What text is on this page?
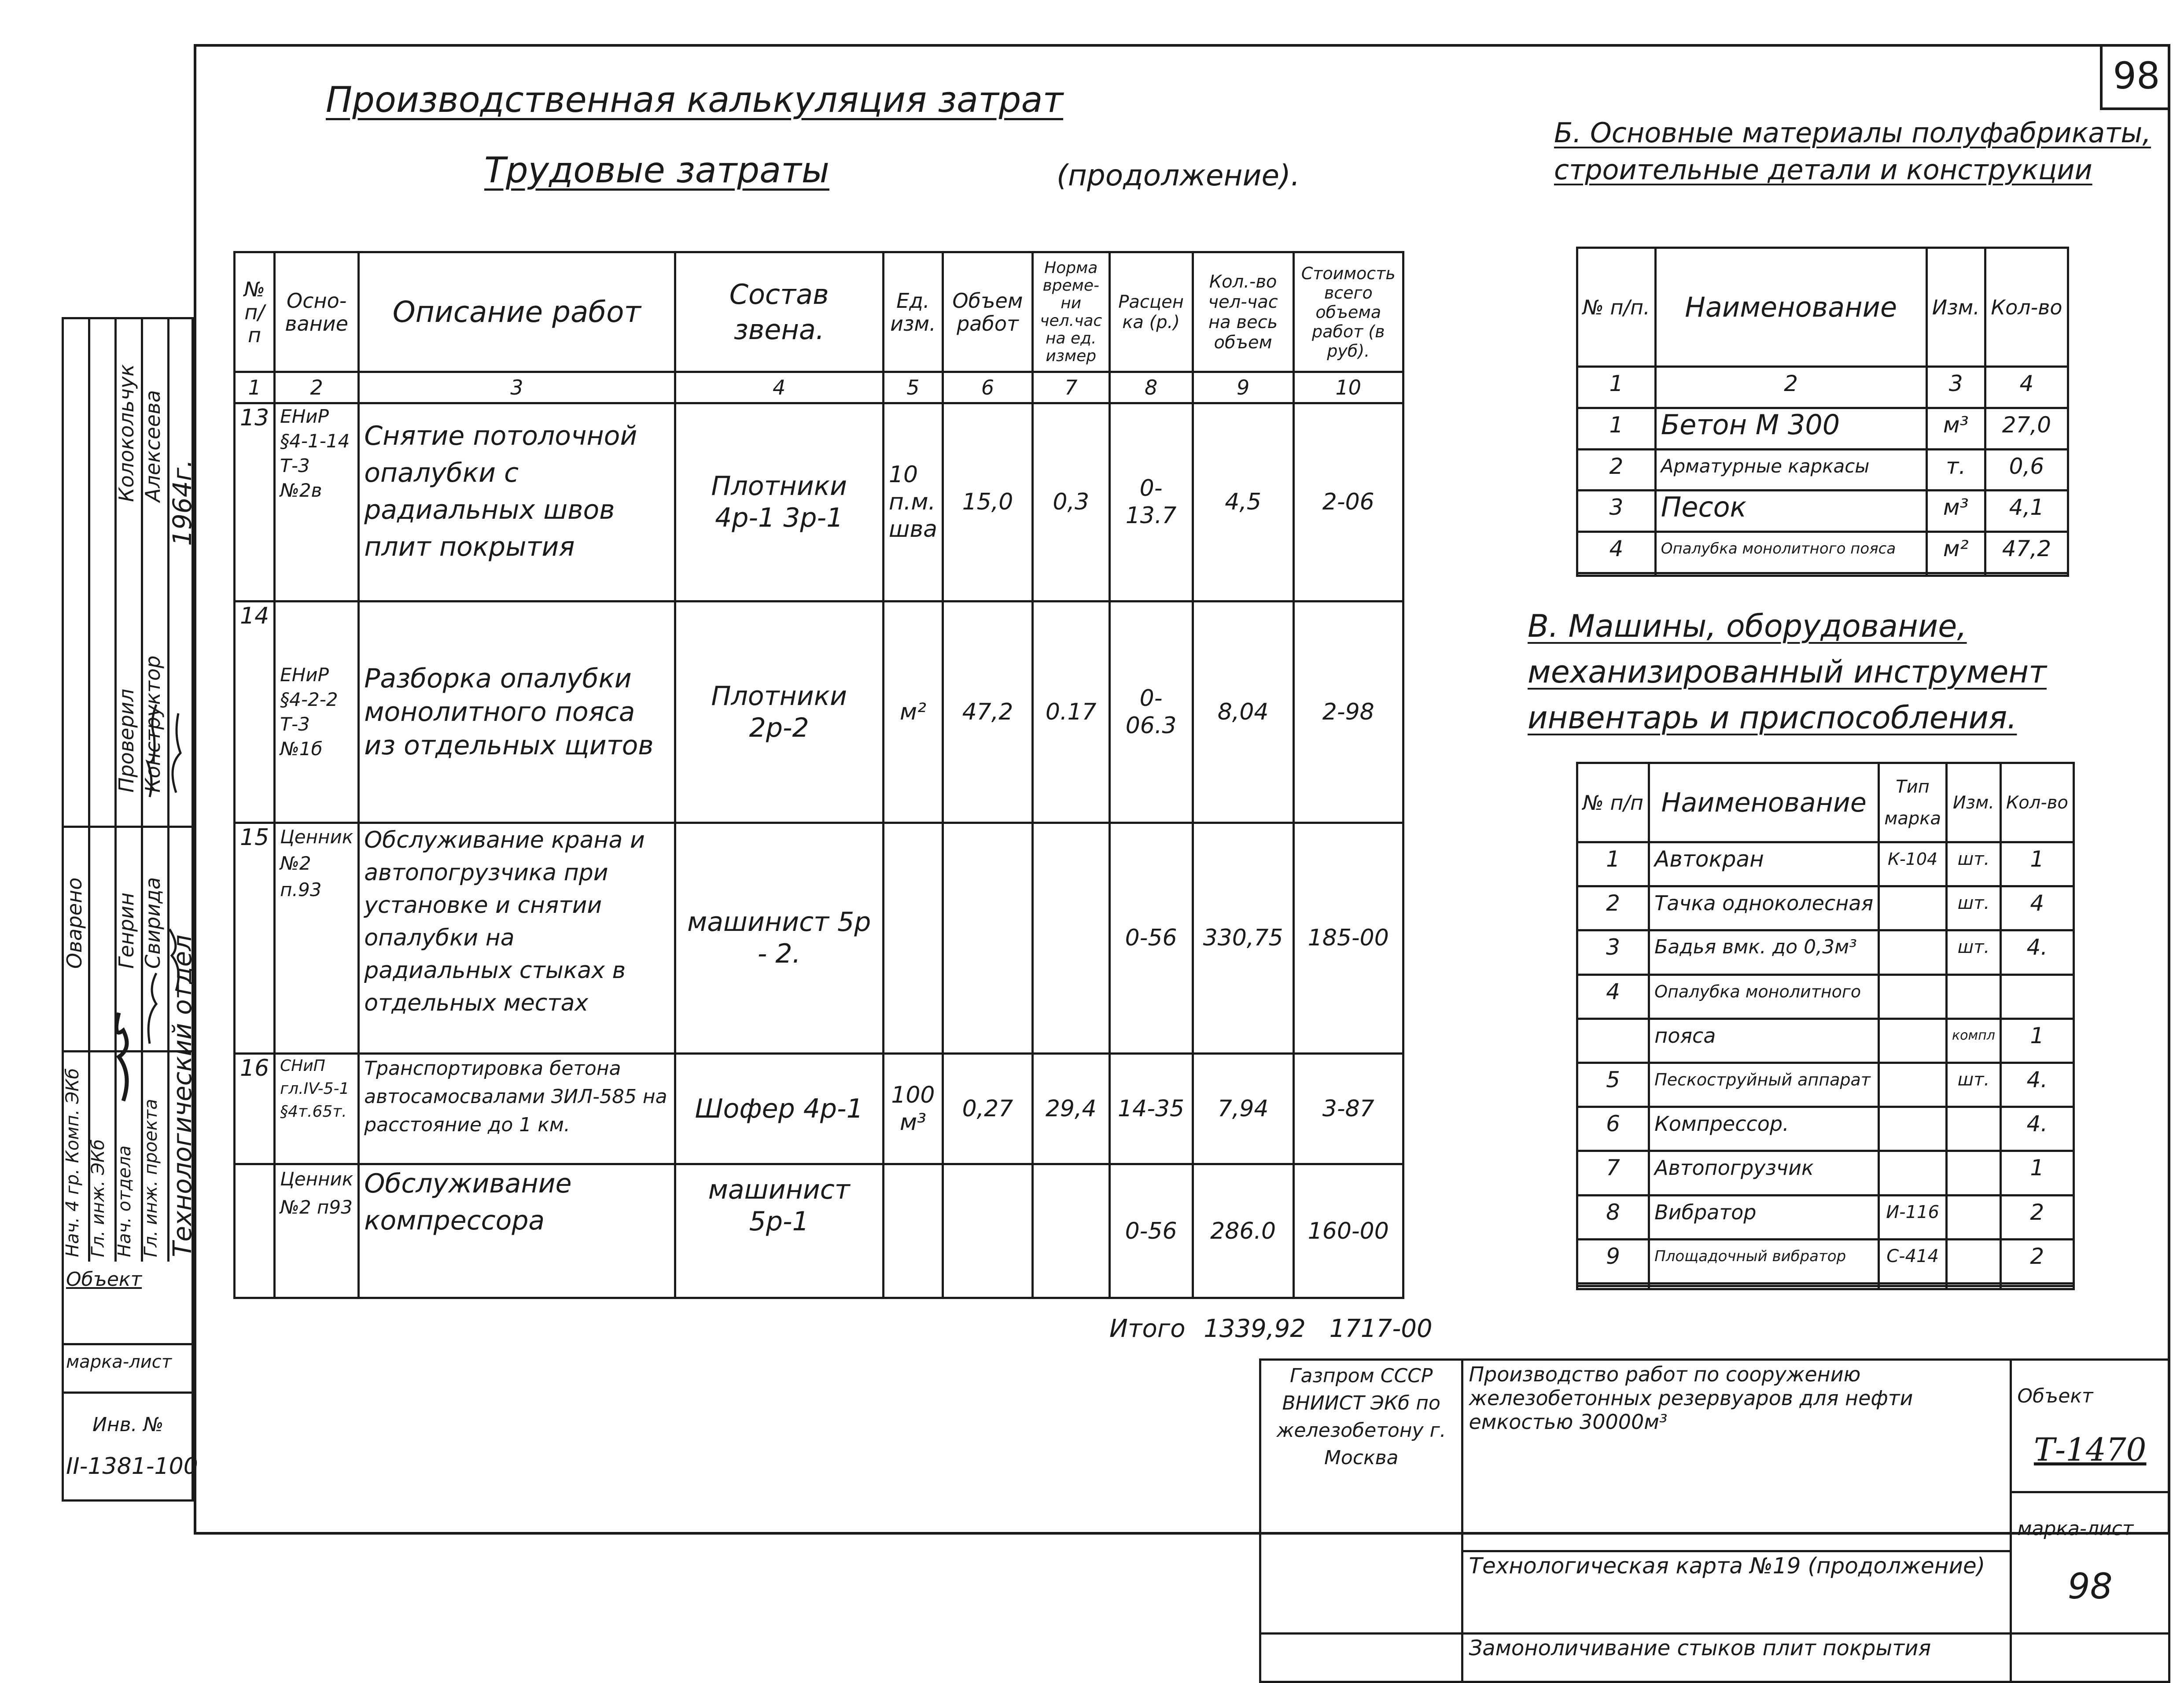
98
Производственная калькуляция затрат
Трудовые затраты	(продолжение).
№ п/п	Осно- вание	Описание работ	Состав звена.	Ед. изм.	Объем работ	Норма време- ни чел.час на ед. измер	Расцен ка (р.)	Кол.-во чел-час на весь объем	Стоимость всего объема работ (в руб).
1	2	3	4	5	6	7	8	9	10
13	ЕНиР §4-1-14 Т-3 №2в	Снятие потолочной опалубки с радиальных швов плит покрытия	Плотники 4р-1 3р-1	10 п.м. шва	15,0	0,3	0-13.7	4,5	2-06
14	ЕНиР §4-2-2 Т-3 №1б	Разборка опалубки монолитного пояса из отдельных щитов	Плотники 2р-2	м²	47,2	0.17	0-06.3	8,04	2-98
15	Ценник №2 п.93	Обслуживание крана и автопогрузчика при установке и снятии опалубки на радиальных стыках в отдельных местах	машинист 5р - 2.				0-56	330,75	185-00
16	СНиП гл.IV-5-1 §4т.65т.	Транспортировка бетона автосамосвалами ЗИЛ-585 на расстояние до 1 км.	Шофер 4р-1	100 м³	0,27	29,4	14-35	7,94	3-87
	Ценник №2 п93	Обслуживание компрессора	машинист 5р-1				0-56	286.0	160-00
Итого 1339,92 1717-00
Б. Основные материалы полуфабрикаты, строительные детали и конструкции
№ п/п.	Наименование	Изм.	Кол-во
1	2	3	4
1	Бетон М 300	м³	27,0
2	Арматурные каркасы	т.	0,6
3	Песок	м³	4,1
4	Опалубка монолитного пояса	м²	47,2

В. Машины, оборудование, механизированный инструмент инвентарь и приспособления.
№ п/п	Наименование	Тип марка	Изм.	Кол-во
1	Автокран	К-104	шт.	1
2	Тачка одноколесная		шт.	4
3	Бадья вмк. до 0,3м³		шт.	4.
4	Опалубка монолитного			
	пояса		компл	1
5	Пескоструйный аппарат		шт.	4.
6	Компрессор.			4.
7	Автопогрузчик			1
8	Вибратор	И-116		2
9	Площадочный вибратор	С-414		2

Нач. 4 гр. Комп. ЭКб Гл. инж. ЭКб Нач. отдела Гл. инж. проекта Технологический отдел
Оварено Генрин Свирида
Проверил Конструктор
Колокольчук Алексеева
1964г.
Объект
марка-лист
Инв. №
II-1381-100
Газпром СССР ВНИИСТ ЭКб по железобетону г. Москва	Производство работ по сооружению железобетонных резервуаров для нефти емкостью 30000м³	Объект

Т-1470

		марка-лист

98

	Технологическая карта №19 (продолжение)	
	Замоноличивание стыков плит покрытия	
